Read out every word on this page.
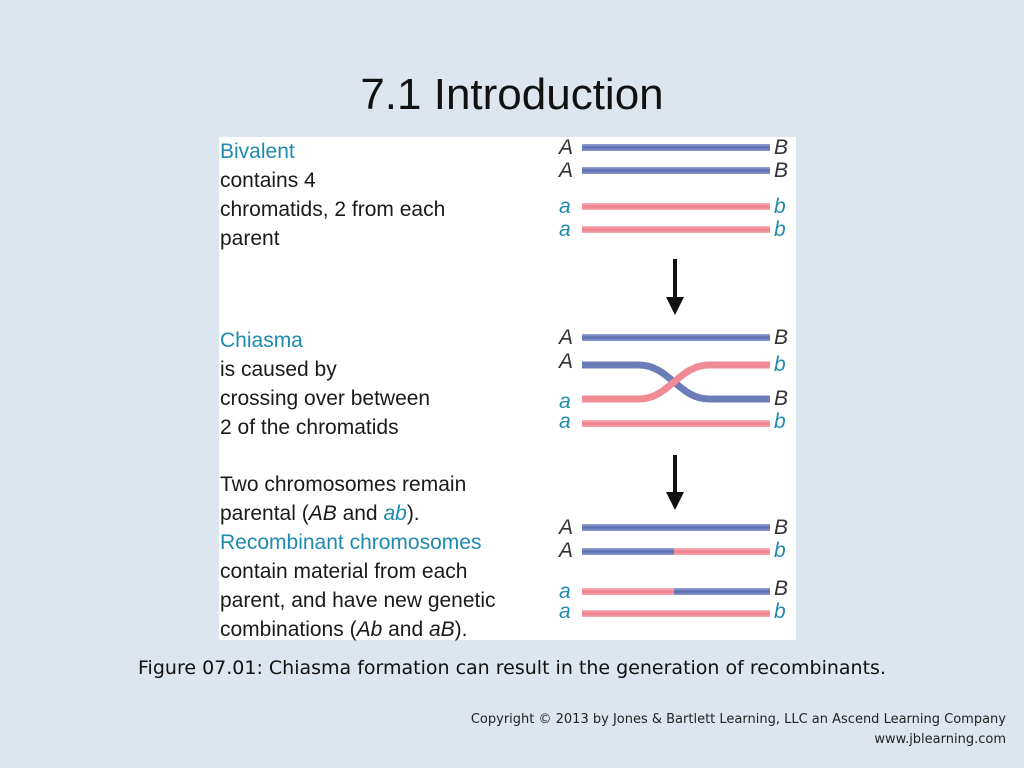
7.1 Introduction
Bivalent
contains 4
chromatids, 2 from each
parent
Chiasma
is caused by
crossing over between
2 of the chromatids
Two chromosomes remain
parental (AB and ab).
Recombinant chromosomes
contain material from each
parent, and have new genetic
combinations (Ab and aB).
A
A
a
a
B
B
b
b
A
A
a
a
B
b
B
b
A
A
a
a
B
b
B
b
Figure 07.01: Chiasma formation can result in the generation of recombinants.
Copyright © 2013 by Jones & Bartlett Learning, LLC an Ascend Learning Company
www.jblearning.com
